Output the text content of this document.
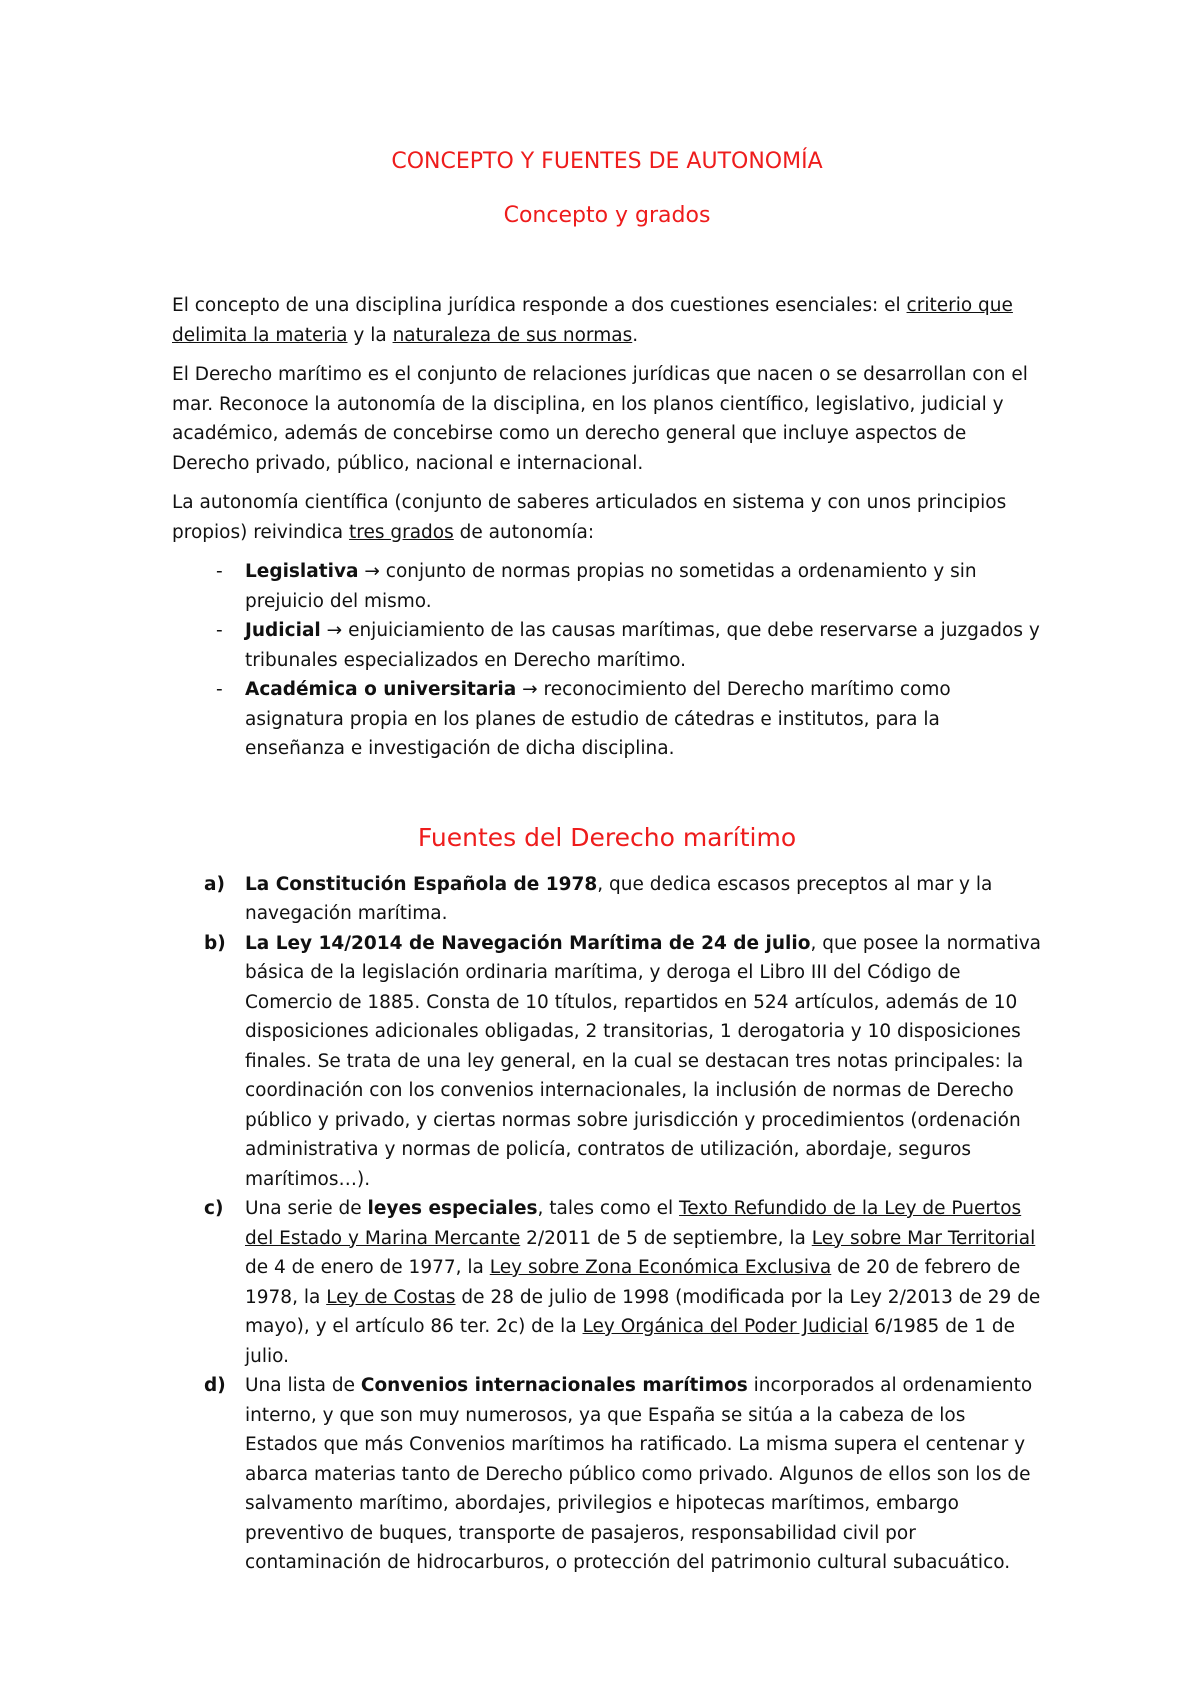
CONCEPTO Y FUENTES DE AUTONOMÍA
Concepto y grados

El concepto de una disciplina jurídica responde a dos cuestiones esenciales: el criterio que delimita la materia y la naturaleza de sus normas.

El Derecho marítimo es el conjunto de relaciones jurídicas que nacen o se desarrollan con el mar. Reconoce la autonomía de la disciplina, en los planos científico, legislativo, judicial y académico, además de concebirse como un derecho general que incluye aspectos de Derecho privado, público, nacional e internacional.

La autonomía científica (conjunto de saberes articulados en sistema y con unos principios propios) reivindica tres grados de autonomía:

- Legislativa → conjunto de normas propias no sometidas a ordenamiento y sin prejuicio del mismo.
- Judicial → enjuiciamiento de las causas marítimas, que debe reservarse a juzgados y tribunales especializados en Derecho marítimo.
- Académica o universitaria → reconocimiento del Derecho marítimo como asignatura propia en los planes de estudio de cátedras e institutos, para la enseñanza e investigación de dicha disciplina.
Fuentes del Derecho marítimo
a) La Constitución Española de 1978, que dedica escasos preceptos al mar y la navegación marítima.
b) La Ley 14/2014 de Navegación Marítima de 24 de julio, que posee la normativa básica de la legislación ordinaria marítima, y deroga el Libro III del Código de Comercio de 1885. Consta de 10 títulos, repartidos en 524 artículos, además de 10 disposiciones adicionales obligadas, 2 transitorias, 1 derogatoria y 10 disposiciones finales. Se trata de una ley general, en la cual se destacan tres notas principales: la coordinación con los convenios internacionales, la inclusión de normas de Derecho público y privado, y ciertas normas sobre jurisdicción y procedimientos (ordenación administrativa y normas de policía, contratos de utilización, abordaje, seguros marítimos…).
c) Una serie de leyes especiales, tales como el Texto Refundido de la Ley de Puertos del Estado y Marina Mercante 2/2011 de 5 de septiembre, la Ley sobre Mar Territorial de 4 de enero de 1977, la Ley sobre Zona Económica Exclusiva de 20 de febrero de 1978, la Ley de Costas de 28 de julio de 1998 (modificada por la Ley 2/2013 de 29 de mayo), y el artículo 86 ter. 2c) de la Ley Orgánica del Poder Judicial 6/1985 de 1 de julio.
d) Una lista de Convenios internacionales marítimos incorporados al ordenamiento interno, y que son muy numerosos, ya que España se sitúa a la cabeza de los Estados que más Convenios marítimos ha ratificado. La misma supera el centenar y abarca materias tanto de Derecho público como privado. Algunos de ellos son los de salvamento marítimo, abordajes, privilegios e hipotecas marítimos, embargo preventivo de buques, transporte de pasajeros, responsabilidad civil por contaminación de hidrocarburos, o protección del patrimonio cultural subacuático.
